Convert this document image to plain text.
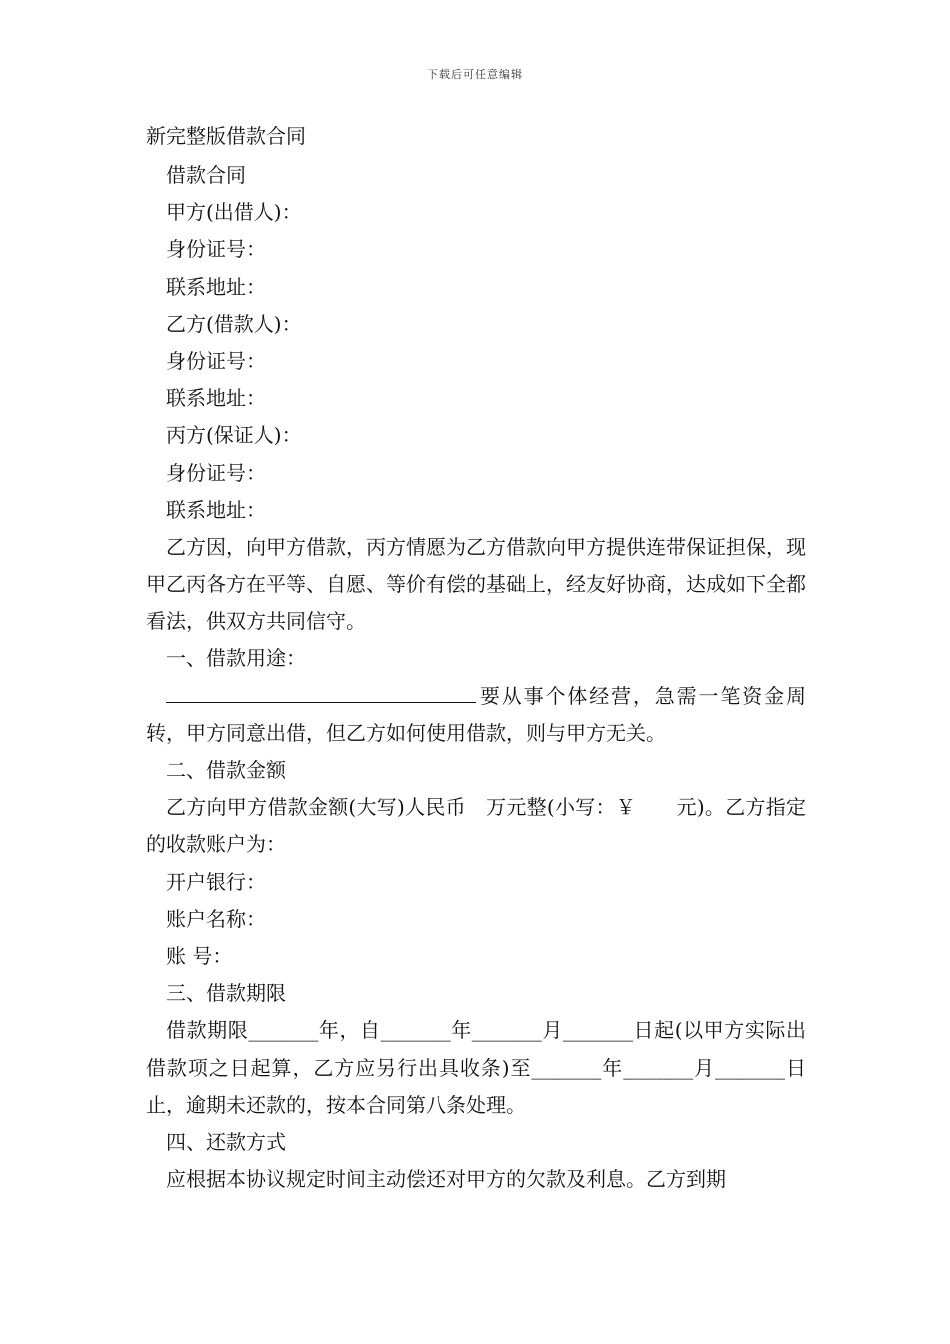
下载后可任意编辑
新完整版借款合同
借款合同
甲方(出借人)：
身份证号：
联系地址：
乙方(借款人)：
身份证号：
联系地址：
丙方(保证人)：
身份证号：
联系地址：
乙方因，向甲方借款，丙方情愿为乙方借款向甲方提供连带保证担保，现甲乙丙各方在平等、自愿、等价有偿的基础上，经友好协商，达成如下全都看法，供双方共同信守。
一、借款用途：
要从事个体经营，急需一笔资金周转，甲方同意出借，但乙方如何使用借款，则与甲方无关。
二、借款金额
乙方向甲方借款金额(大写)人民币　万元整(小写：￥　　元)。乙方指定的收款账户为：
开户银行：
账户名称：
账 号：
三、借款期限
借款期限_______年，自_______年_______月_______日起(以甲方实际出借款项之日起算，乙方应另行出具收条)至_______年_______月_______日止，逾期未还款的，按本合同第八条处理。
四、还款方式
应根据本协议规定时间主动偿还对甲方的欠款及利息。乙方到期
